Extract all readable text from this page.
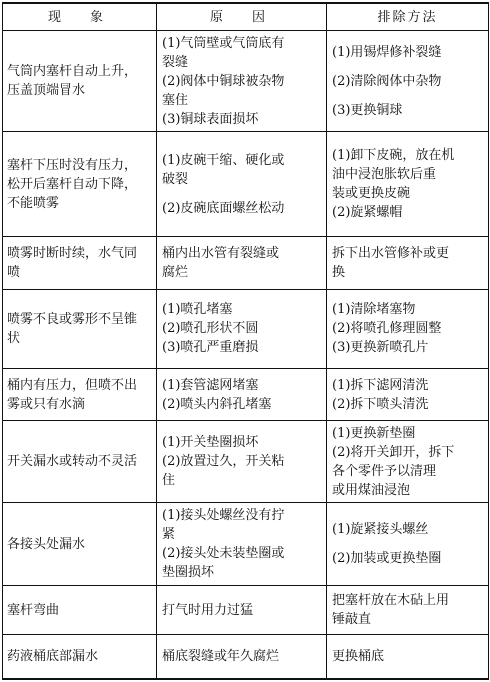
现　象	原　因	排除方法

气筒内塞杆自动上升，
压盖顶端冒水	(1)气筒壁或气筒底有
裂缝
(2)阀体中铜球被杂物
塞住
(3)铜球表面损坏	(1)用锡焊修补裂缝
(2)清除阀体中杂物
(3)更换铜球

塞杆下压时没有压力，
松开后塞杆自动下降，
不能喷雾	(1)皮碗干缩、硬化或
破裂
(2)皮碗底面螺丝松动	(1)卸下皮碗，放在机
油中浸泡胀软后重
装或更换皮碗
(2)旋紧螺帽

喷雾时断时续，水气同
喷	桶内出水管有裂缝或
腐烂	拆下出水管修补或更
换

喷雾不良或雾形不呈锥
状	(1)喷孔堵塞
(2)喷孔形状不圆
(3)喷孔严重磨损	(1)清除堵塞物
(2)将喷孔修理圆整
(3)更换新喷孔片

桶内有压力，但喷不出
雾或只有水滴	(1)套管滤网堵塞
(2)喷头内斜孔堵塞	(1)拆下滤网清洗
(2)拆下喷头清洗

开关漏水或转动不灵活	(1)开关垫圈损坏
(2)放置过久，开关粘
住	(1)更换新垫圈
(2)将开关卸开，拆下
各个零件予以清理
或用煤油浸泡

各接头处漏水	(1)接头处螺丝没有拧
紧
(2)接头处未装垫圈或
垫圈损坏	(1)旋紧接头螺丝
(2)加装或更换垫圈

塞杆弯曲	打气时用力过猛	把塞杆放在木砧上用
锤敲直

药液桶底部漏水	桶底裂缝或年久腐烂	更换桶底
